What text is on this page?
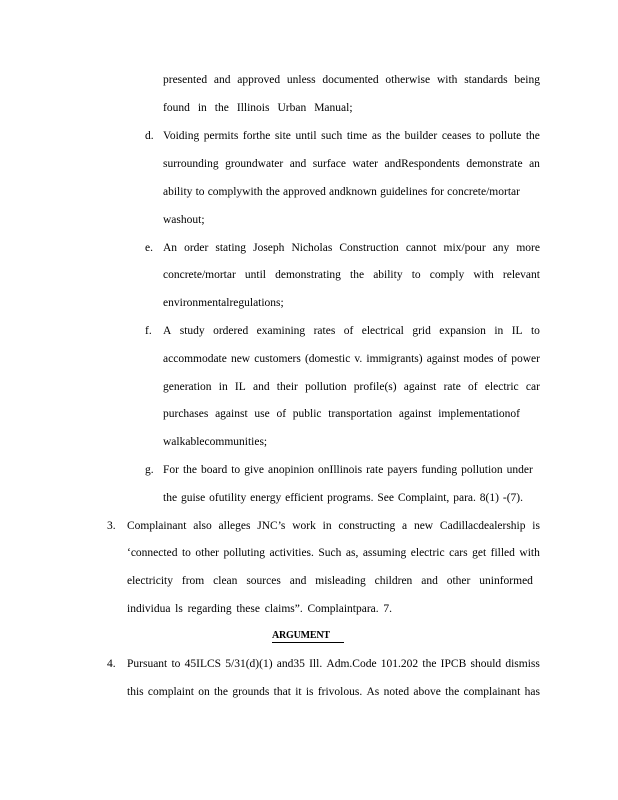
presented and approved unless documented otherwise with standards being
found in the Illinois Urban Manual;
d. Voiding permits forthe site until such time as the builder ceases to pollute the
surrounding groundwater and surface water andRespondents demonstrate an
ability to complywith the approved andknown guidelines for concrete/mortar
washout;
e. An order stating Joseph Nicholas Construction cannot mix/pour any more
concrete/mortar until demonstrating the ability to comply with relevant
envi ronmental regulations;
f. A study ordered examining rates of electrical grid expansion in IL to
accommodate new customers (domestic v. immigrants) against modes of power
generation in IL and their pollution profile(s) against rate of electric car
purchases against use of public transportation against implementationof
walkable communities;
g. For the board to give anopinion onIllinois rate payers funding pollution under
the guise ofutility energy efficient programs. See Complaint, para. 8(1) -(7).
3. Complainant also alleges JNC’s work in constructing a new Cadillacdealership is
‘connected to other polluting activities. Such as, assuming electric cars get filled with
electricity from clean sources and misleading children and other uninformed
individua ls regarding these claims”. Complaintpara. 7.
ARGUMENT
4. Pursuant to 45ILCS 5/31(d)(1) and35 Ill. Adm.Code 101.202 the IPCB should dismiss
this complaint on the grounds that it is frivolous. As noted above the complainant has
